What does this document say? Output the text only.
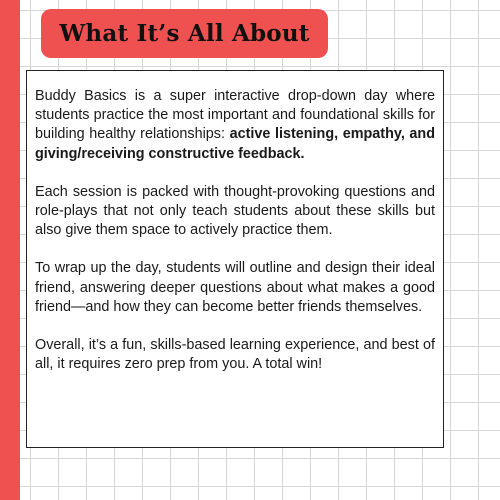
What It’s All About

Buddy Basics is a super interactive drop-down day where students practice the most important and foundational skills for building healthy relationships: active listening, empathy, and giving/receiving constructive feedback.

Each session is packed with thought-provoking questions and role-plays that not only teach students about these skills but also give them space to actively practice them.

To wrap up the day, students will outline and design their ideal friend, answering deeper questions about what makes a good friend—and how they can become better friends themselves.

Overall, it’s a fun, skills-based learning experience, and best of all, it requires zero prep from you. A total win!
